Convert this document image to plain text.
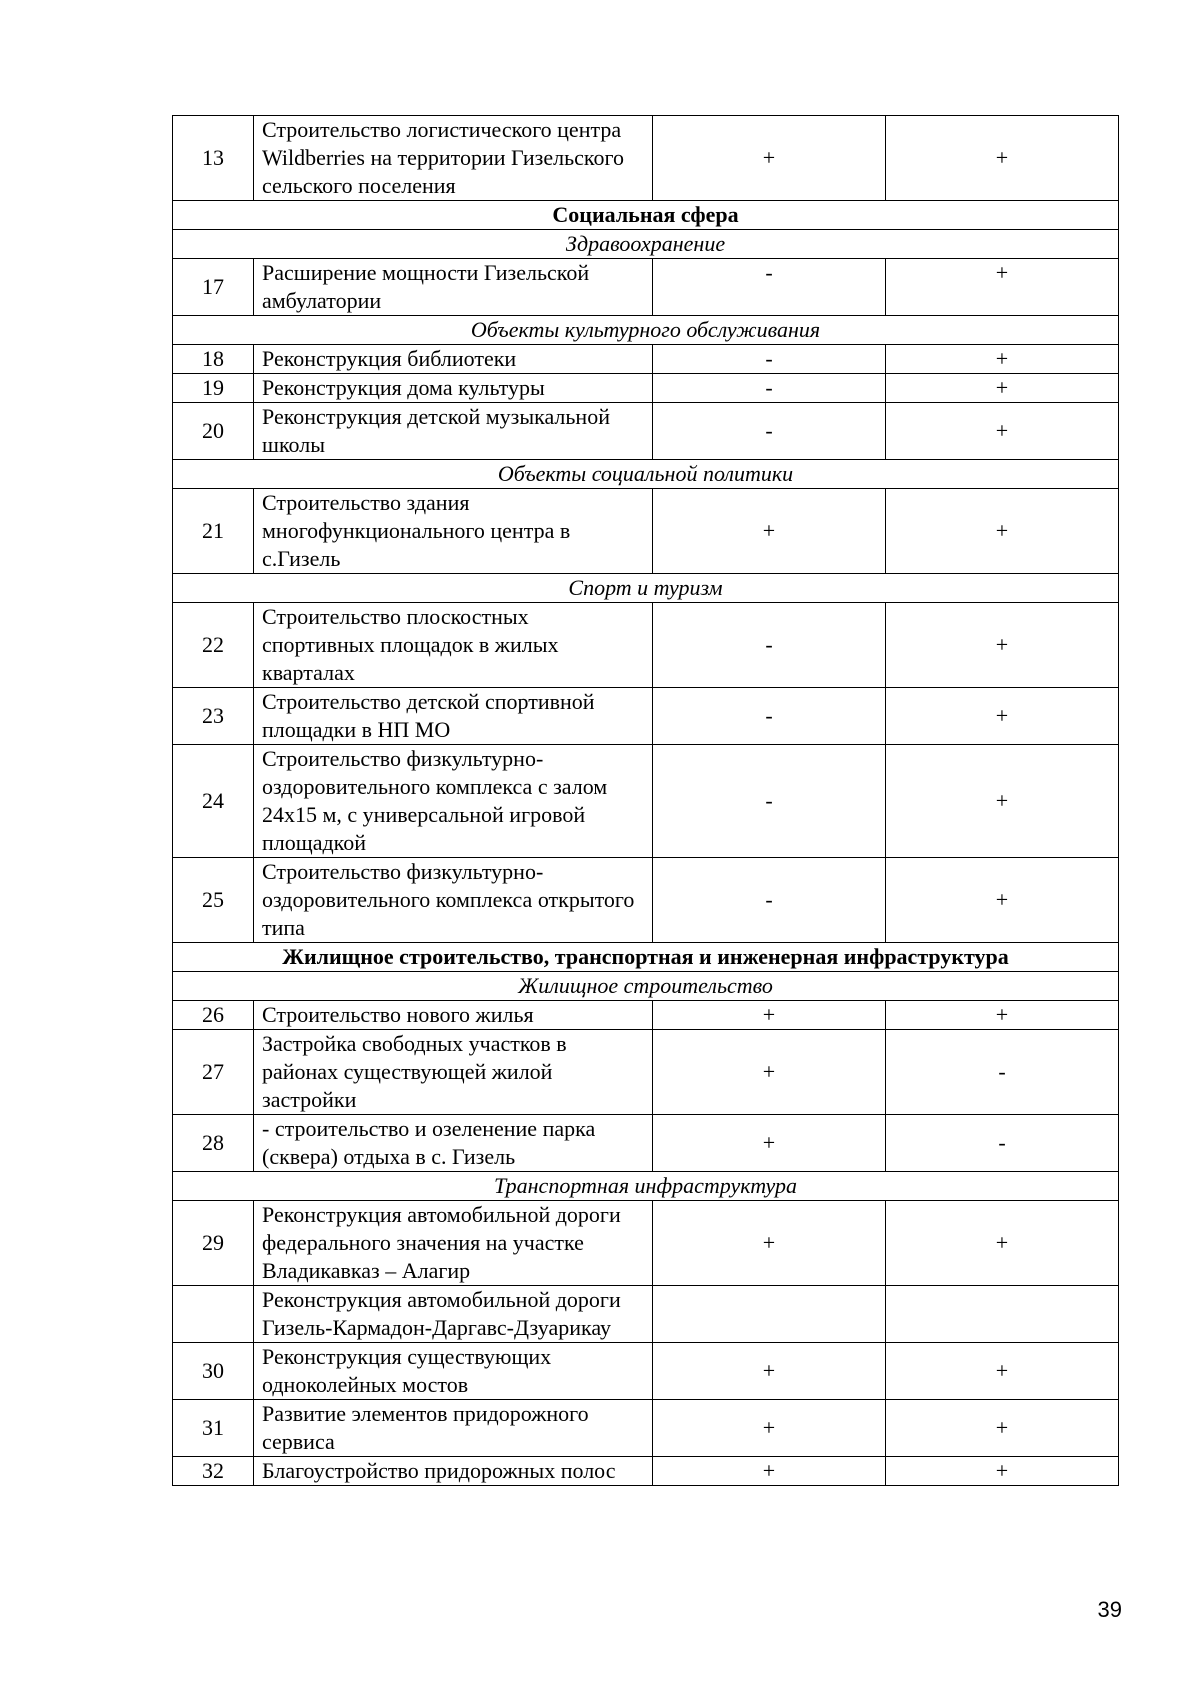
13	Строительство логистического центра Wildberries на территории Гизельского сельского поселения	+	+
Социальная сфера			
Здравоохранение			
17	Расширение мощности Гизельской амбулатории	-	+
Объекты культурного обслуживания			
18	Реконструкция библиотеки	-	+
19	Реконструкция дома культуры	-	+
20	Реконструкция детской музыкальной школы	-	+
Объекты социальной политики			
21	Строительство здания многофункционального центра в с.Гизель	+	+
Спорт и туризм			
22	Строительство плоскостных спортивных площадок в жилых кварталах	-	+
23	Строительство детской спортивной площадки в НП МО	-	+
24	Строительство физкультурно-оздоровительного комплекса с залом 24х15 м, с универсальной игровой площадкой	-	+
25	Строительство физкультурно-оздоровительного комплекса открытого типа	-	+
Жилищное строительство, транспортная и инженерная инфраструктура			
Жилищное строительство			
26	Строительство нового жилья	+	+
27	Застройка свободных участков в районах существующей жилой застройки	+	-
28	- строительство и озеленение парка (сквера) отдыха в с. Гизель	+	-
Транспортная инфраструктура			
29	Реконструкция автомобильной дороги федерального значения на участке Владикавказ – Алагир	+	+
	Реконструкция автомобильной дороги Гизель-Кармадон-Даргавс-Дзуарикау		
30	Реконструкция существующих одноколейных мостов	+	+
31	Развитие элементов придорожного сервиса	+	+
32	Благоустройство придорожных полос	+	+
39
